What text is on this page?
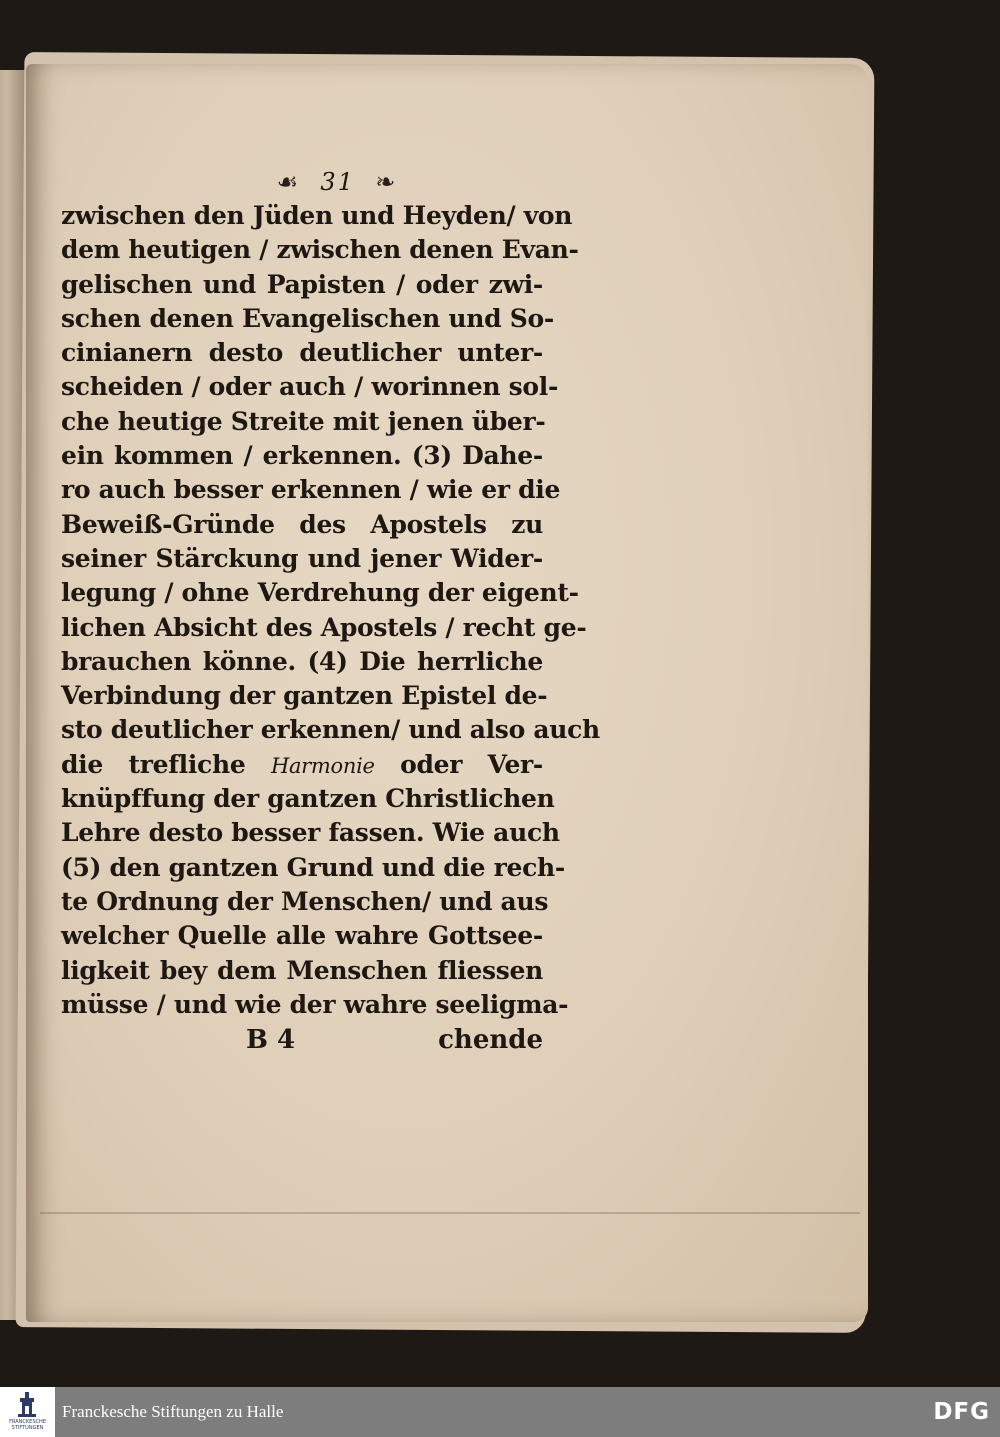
☙ 31 ❧
zwischen den Jüden und Heyden/ von
dem heutigen / zwischen denen Evan-
gelischen und Papisten / oder zwi-
schen denen Evangelischen und So-
cinianern desto deutlicher unter-
scheiden / oder auch / worinnen sol-
che heutige Streite mit jenen über-
ein kommen / erkennen. (3) Dahe-
ro auch besser erkennen / wie er die
Beweiß-Gründe des Apostels zu
seiner Stärckung und jener Wider-
legung / ohne Verdrehung der eigent-
lichen Absicht des Apostels / recht ge-
brauchen könne. (4) Die herrliche
Verbindung der gantzen Epistel de-
sto deutlicher erkennen/ und also auch
die trefliche Harmonie oder Ver-
knüpffung der gantzen Christlichen
Lehre desto besser fassen. Wie auch
(5) den gantzen Grund und die rech-
te Ordnung der Menschen/ und aus
welcher Quelle alle wahre Gottsee-
ligkeit bey dem Menschen fliessen
müsse / und wie der wahre seeligma-
B 4	chende
FRANCKESCHE STIFTUNGEN
Franckesche Stiftungen zu Halle	DFG
